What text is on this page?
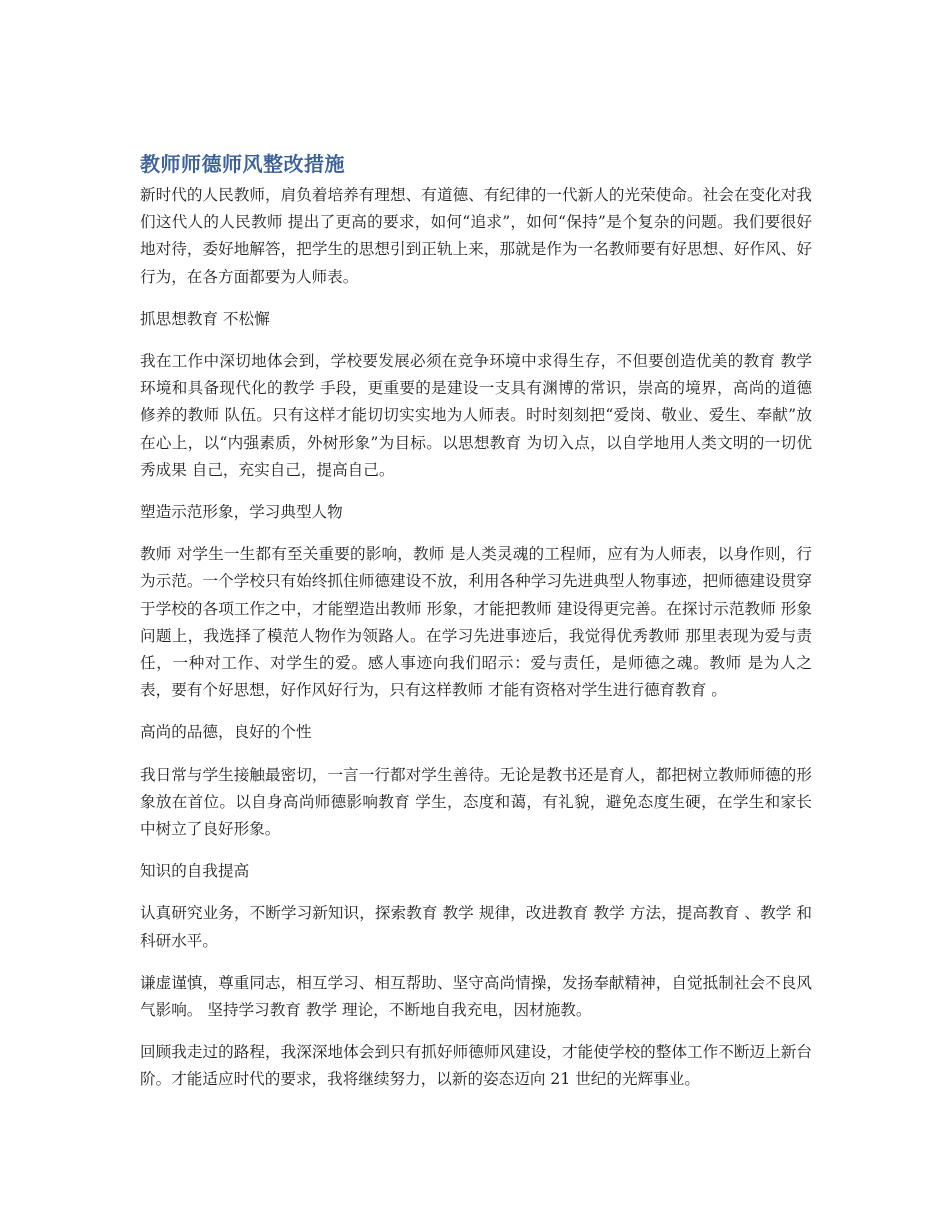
教师师德师风整改措施

新时代的人民教师，肩负着培养有理想、有道德、有纪律的一代新人的光荣使命。社会在变化对我们这代人的人民教师 提出了更高的要求，如何“追求”，如何“保持”是个复杂的问题。我们要很好地对待，委好地解答，把学生的思想引到正轨上来，那就是作为一名教师要有好思想、好作风、好行为，在各方面都要为人师表。

抓思想教育 不松懈

我在工作中深切地体会到，学校要发展必须在竞争环境中求得生存，不但要创造优美的教育 教学 环境和具备现代化的教学 手段，更重要的是建设一支具有渊博的常识，崇高的境界，高尚的道德修养的教师 队伍。只有这样才能切切实实地为人师表。时时刻刻把“爱岗、敬业、爱生、奉献”放在心上，以“内强素质，外树形象”为目标。以思想教育 为切入点，以自学地用人类文明的一切优秀成果 自己，充实自己，提高自己。

塑造示范形象，学习典型人物

教师 对学生一生都有至关重要的影响，教师 是人类灵魂的工程师，应有为人师表，以身作则，行为示范。一个学校只有始终抓住师德建设不放，利用各种学习先进典型人物事迹，把师德建设贯穿于学校的各项工作之中，才能塑造出教师 形象，才能把教师 建设得更完善。在探讨示范教师 形象问题上，我选择了模范人物作为领路人。在学习先进事迹后，我觉得优秀教师 那里表现为爱与责任，一种对工作、对学生的爱。感人事迹向我们昭示：爱与责任，是师德之魂。教师 是为人之表，要有个好思想，好作风好行为，只有这样教师 才能有资格对学生进行德育教育 。

高尚的品德，良好的个性

我日常与学生接触最密切，一言一行都对学生善待。无论是教书还是育人，都把树立教师师德的形象放在首位。以自身高尚师德影响教育 学生，态度和蔼，有礼貌，避免态度生硬，在学生和家长中树立了良好形象。

知识的自我提高

认真研究业务，不断学习新知识，探索教育 教学 规律，改进教育 教学 方法，提高教育 、教学 和科研水平。

谦虚谨慎，尊重同志，相互学习、相互帮助、坚守高尚情操，发扬奉献精神，自觉抵制社会不良风气影响。 坚持学习教育 教学 理论，不断地自我充电，因材施教。

回顾我走过的路程，我深深地体会到只有抓好师德师风建设，才能使学校的整体工作不断迈上新台阶。才能适应时代的要求，我将继续努力，以新的姿态迈向 21 世纪的光辉事业。
